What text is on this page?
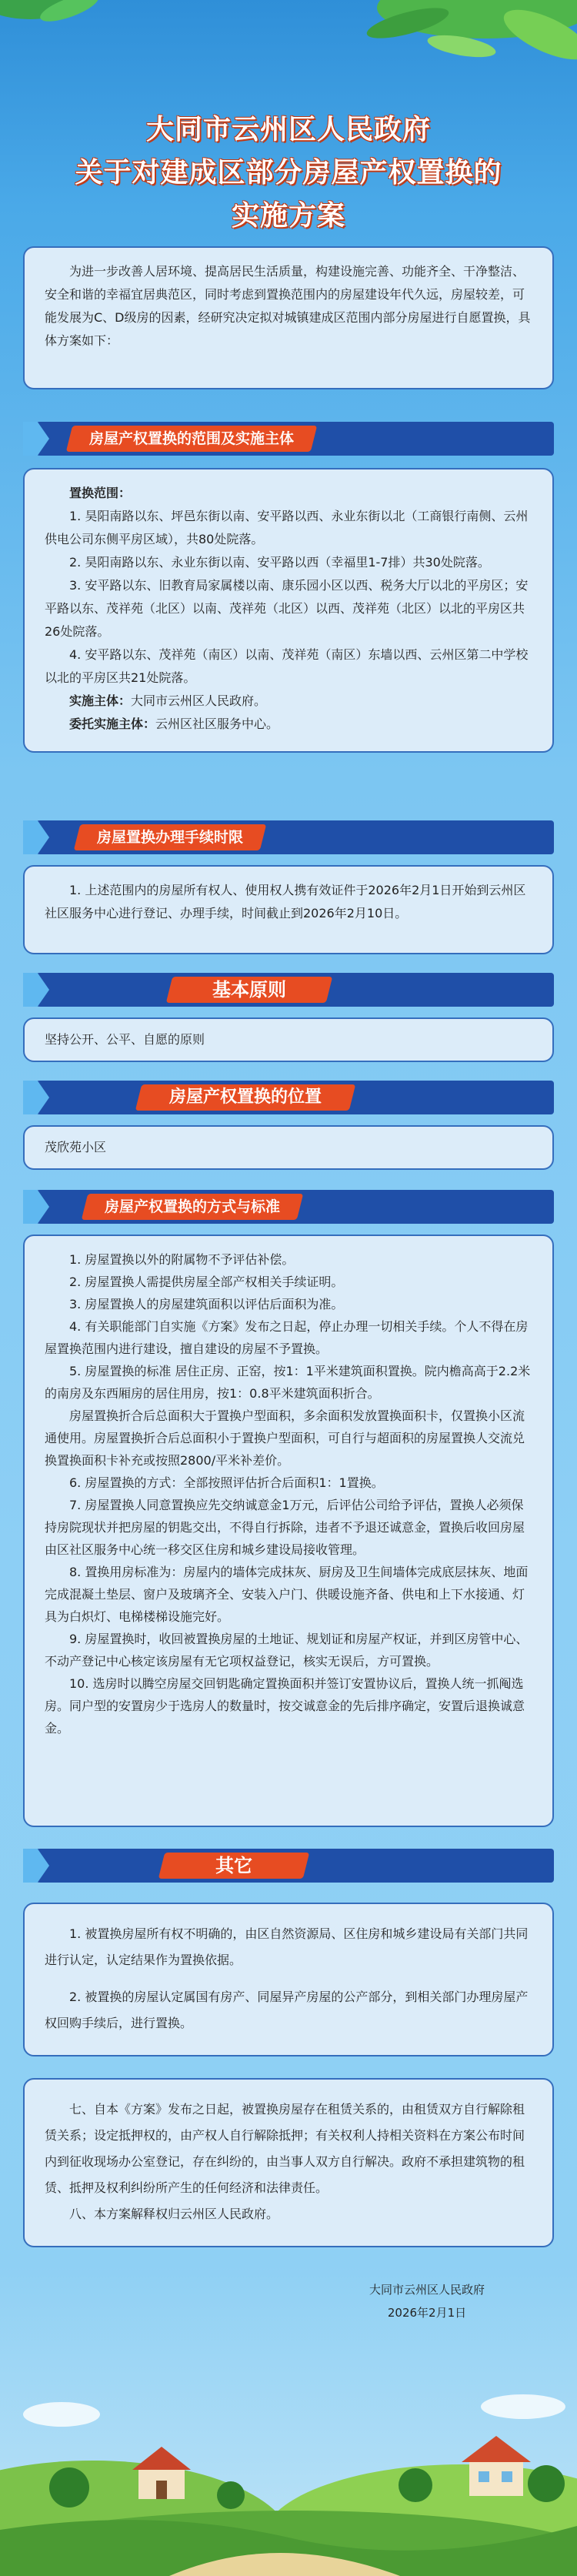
大同市云州区人民政府
关于对建成区部分房屋产权置换的
实施方案

为进一步改善人居环境、提高居民生活质量，构建设施完善、功能齐全、干净整洁、安全和谐的幸福宜居典范区，同时考虑到置换范围内的房屋建设年代久远，房屋较差，可能发展为C、D级房的因素，经研究决定拟对城镇建成区范围内部分房屋进行自愿置换，具体方案如下：

房屋产权置换的范围及实施主体

置换范围：

1. 昊阳南路以东、坪邑东街以南、安平路以西、永业东街以北（工商银行南侧、云州供电公司东侧平房区域），共80处院落。

2. 昊阳南路以东、永业东街以南、安平路以西（幸福里1-7排）共30处院落。

3. 安平路以东、旧教育局家属楼以南、康乐园小区以西、税务大厅以北的平房区；安平路以东、茂祥苑（北区）以南、茂祥苑（北区）以西、茂祥苑（北区）以北的平房区共26处院落。

4. 安平路以东、茂祥苑（南区）以南、茂祥苑（南区）东墙以西、云州区第二中学校以北的平房区共21处院落。

实施主体：大同市云州区人民政府。

委托实施主体：云州区社区服务中心。

房屋置换办理手续时限

1. 上述范围内的房屋所有权人、使用权人携有效证件于2026年2月1日开始到云州区社区服务中心进行登记、办理手续，时间截止到2026年2月10日。

基本原则

坚持公开、公平、自愿的原则

房屋产权置换的位置

茂欣苑小区

房屋产权置换的方式与标准

1. 房屋置换以外的附属物不予评估补偿。

2. 房屋置换人需提供房屋全部产权相关手续证明。

3. 房屋置换人的房屋建筑面积以评估后面积为准。

4. 有关职能部门自实施《方案》发布之日起，停止办理一切相关手续。个人不得在房屋置换范围内进行建设，擅自建设的房屋不予置换。

5. 房屋置换的标准 居住正房、正窑，按1：1平米建筑面积置换。院内檐高高于2.2米的南房及东西厢房的居住用房，按1：0.8平米建筑面积折合。

房屋置换折合后总面积大于置换户型面积，多余面积发放置换面积卡，仅置换小区流通使用。房屋置换折合后总面积小于置换户型面积，可自行与超面积的房屋置换人交流兑换置换面积卡补充或按照2800/平米补差价。

6. 房屋置换的方式：全部按照评估折合后面积1：1置换。

7. 房屋置换人同意置换应先交纳诚意金1万元，后评估公司给予评估，置换人必须保持房院现状并把房屋的钥匙交出，不得自行拆除，违者不予退还诚意金，置换后收回房屋由区社区服务中心统一移交区住房和城乡建设局接收管理。

8. 置换用房标准为：房屋内的墙体完成抹灰、厨房及卫生间墙体完成底层抹灰、地面完成混凝土垫层、窗户及玻璃齐全、安装入户门、供暖设施齐备、供电和上下水接通、灯具为白炽灯、电梯楼梯设施完好。

9. 房屋置换时，收回被置换房屋的土地证、规划证和房屋产权证，并到区房管中心、不动产登记中心核定该房屋有无它项权益登记，核实无误后，方可置换。

10. 选房时以腾空房屋交回钥匙确定置换面积并签订安置协议后，置换人统一抓阄选房。同户型的安置房少于选房人的数量时，按交诚意金的先后排序确定，安置后退换诚意金。

其它

1. 被置换房屋所有权不明确的，由区自然资源局、区住房和城乡建设局有关部门共同进行认定，认定结果作为置换依据。

2. 被置换的房屋认定属国有房产、同屋异产房屋的公产部分，到相关部门办理房屋产权回购手续后，进行置换。

七、自本《方案》发布之日起，被置换房屋存在租赁关系的，由租赁双方自行解除租赁关系；设定抵押权的，由产权人自行解除抵押；有关权利人持相关资料在方案公布时间内到征收现场办公室登记，存在纠纷的，由当事人双方自行解决。政府不承担建筑物的租赁、抵押及权利纠纷所产生的任何经济和法律责任。

八、本方案解释权归云州区人民政府。

大同市云州区人民政府
2026年2月1日
